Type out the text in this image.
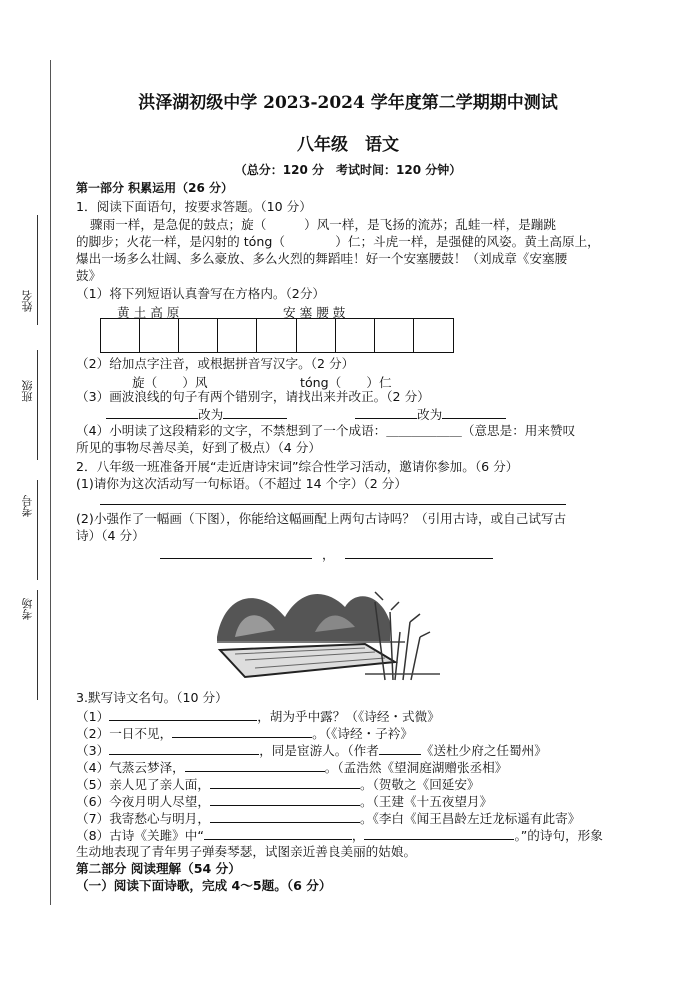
姓名
班级
考号
考场
洪泽湖初级中学 2023-2024 学年度第二学期期中测试
八年级　语文
（总分：120 分　考试时间：120 分钟）
第一部分 积累运用（26 分）
1．阅读下面语句，按要求答题。（10 分）
骤雨一样，是急促的鼓点；旋（　　　）风一样，是飞扬的流苏；乱蛙一样，是蹦跳
的脚步；火花一样，是闪射的 tóng（　　　　）仁；斗虎一样，是强健的风姿。黄土高原上，
爆出一场多么壮阔、多么豪放、多么火烈的舞蹈哇！好一个安塞腰鼓！（刘成章《安塞腰
鼓》
（1）将下列短语认真誊写在方格内。（2分）
黄 土 高 原	安 塞 腰 鼓
（2）给加点字注音，或根据拼音写汉字。（2 分）
旋（　　）风	tóng（　　）仁
（3）画波浪线的句子有两个错别字，请找出来并改正。（2 分）
改为	改为
（4）小明读了这段精彩的文字，不禁想到了一个成语：＿＿＿＿＿＿（意思是：用来赞叹
所见的事物尽善尽美，好到了极点）（4 分）
2．八年级一班准备开展“走近唐诗宋词”综合性学习活动，邀请你参加。（6 分）
(1)请你为这次活动写一句标语。（不超过 14 个字）（2 分）
(2)小强作了一幅画（下图），你能给这幅画配上两句古诗吗？（引用古诗，或自己试写古
诗）（4 分）
，
3.默写诗文名句。（10 分）
（1）	，胡为乎中露？（《诗经・式微》
（2）一日不见，	。（《诗经・子衿》
（3）	，同是宦游人。（作者	《送杜少府之任蜀州》
（4）气蒸云梦泽，	。（孟浩然《望洞庭湖赠张丞相》
（5）亲人见了亲人面，	。（贺敬之《回延安》
（6）今夜月明人尽望，	。（王建《十五夜望月》
（7）我寄愁心与明月，	。《李白《闻王昌龄左迁龙标遥有此寄》
（8）古诗《关雎》中“	，	。”的诗句，形象
生动地表现了青年男子弹奏琴瑟，试图亲近善良美丽的姑娘。
第二部分 阅读理解（54 分）
（一）阅读下面诗歌，完成 4～5题。（6 分）
